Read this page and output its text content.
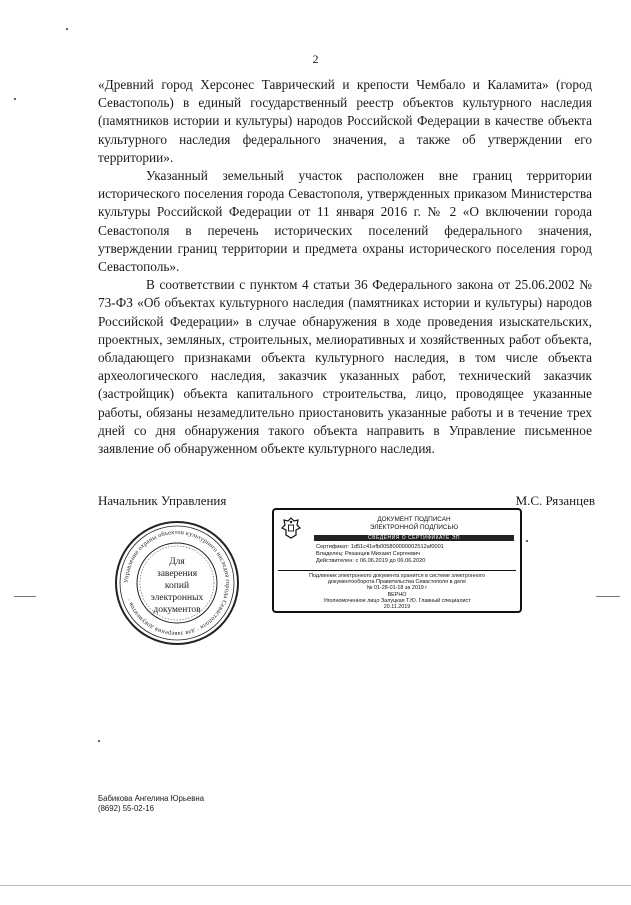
2

«Древний город Херсонес Таврический и крепости Чембало и Каламита» (город Севастополь) в единый государственный реестр объектов культурного наследия (памятников истории и культуры) народов Российской Федерации в качестве объекта культурного наследия федерального значения, а также об утверждении его территории».

Указанный земельный участок расположен вне границ территории исторического поселения города Севастополя, утвержденных приказом Министерства культуры Российской Федерации от 11 января 2016 г. № 2 «О включении города Севастополя в перечень исторических поселений федерального значения, утверждении границ территории и предмета охраны исторического поселения город Севастополь».

В соответствии с пунктом 4 статьи 36 Федерального закона от 25.06.2002 № 73-ФЗ «Об объектах культурного наследия (памятниках истории и культуры) народов Российской Федерации» в случае обнаружения в ходе проведения изыскательских, проектных, земляных, строительных, мелиоративных и хозяйственных работ объекта, обладающего признаками объекта культурного наследия, в том числе объекта археологического наследия, заказчик указанных работ, технический заказчик (застройщик) объекта капитального строительства, лицо, проводящее указанные работы, обязаны незамедлительно приостановить указанные работы и в течение трех дней со дня обнаружения такого объекта направить в Управление письменное заявление об обнаруженном объекте культурного наследия.

Начальник Управления	М.С. Рязанцев
Управление охраны объектов культурного наследия города Севастополя · для заверения документов ·
Для
заверения
копий
электронных
документов
ДОКУМЕНТ ПОДПИСАН
ЭЛЕКТРОННОЙ ПОДПИСЬЮ
СВЕДЕНИЯ О СЕРТИФИКАТЕ ЭП
Сертификат: 1d51c41efb005800000002512af0001
Владелец: Рязанцев Михаил Сергеевич
Действителен: с 06.06.2019 до 06.06.2020
Подлинник электронного документа хранится в системе электронного
документооборота Правительства Севастополя в деле
№ 01-28-01-18 за 2019 г
ВЕРНО
Уполномоченное лицо Залуцкая Т.Ю. Главный специалист
20.11.2019
Бабикова Ангелина Юрьевна
(8692) 55-02-16
